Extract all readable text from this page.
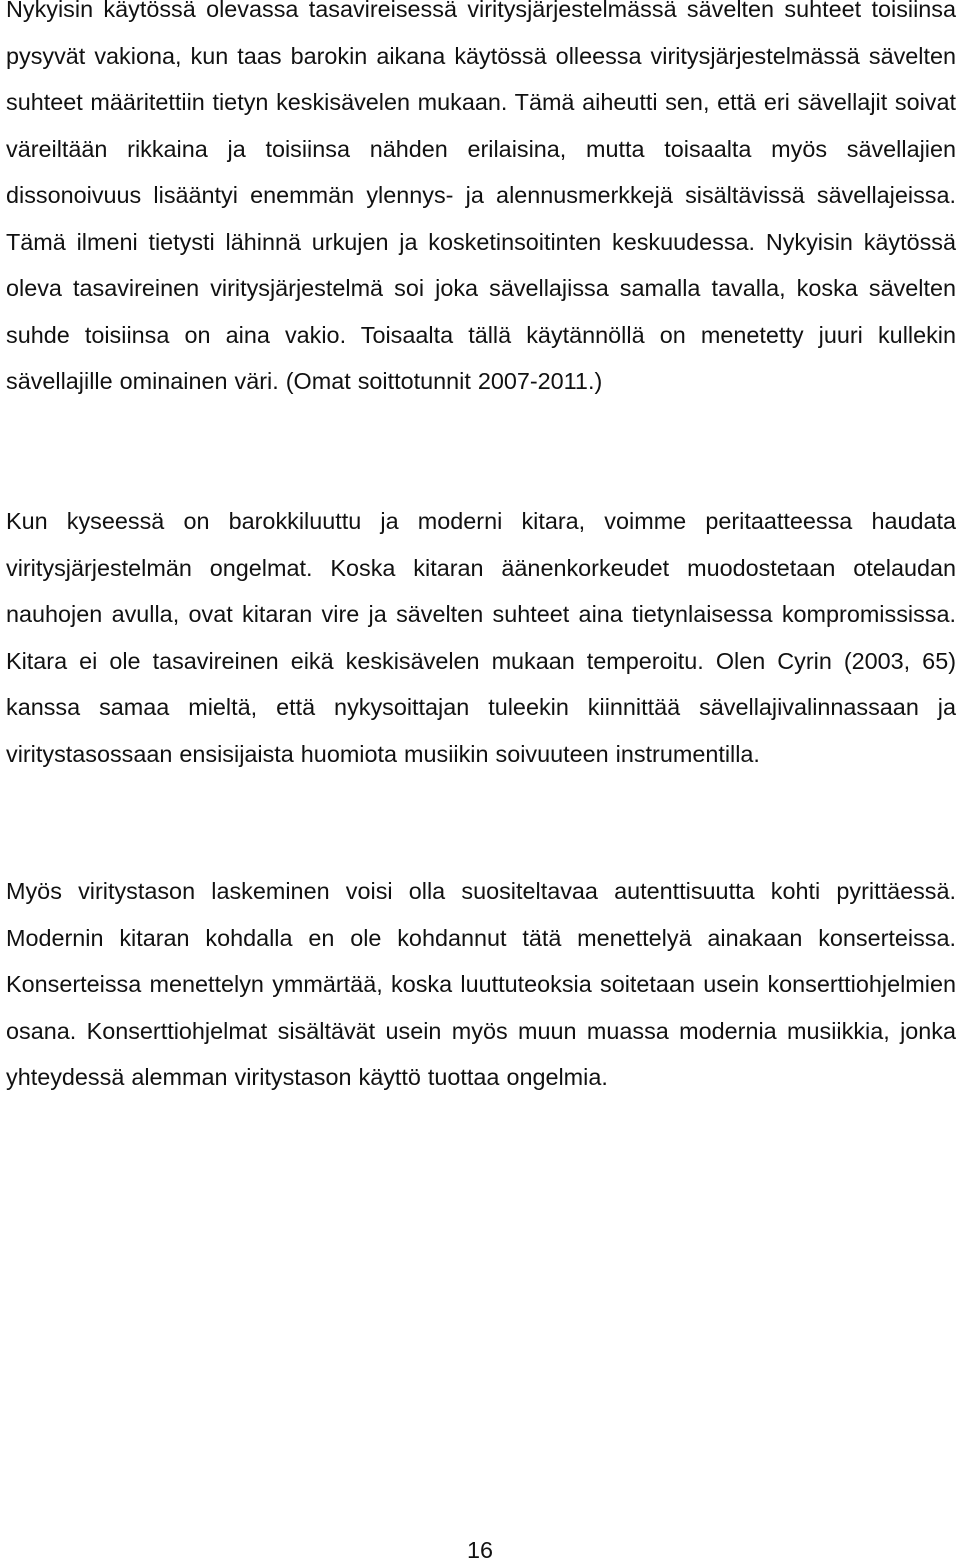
Nykyisin käytössä olevassa tasavireisessä viritysjärjestelmässä sävelten suhteet toisiinsa pysyvät vakiona, kun taas barokin aikana käytössä olleessa viritysjärjestelmässä sävelten suhteet määritettiin tietyn keskisävelen mukaan. Tämä aiheutti sen, että eri sävellajit soivat väreiltään rikkaina ja toisiinsa nähden erilaisina, mutta toisaalta myös sävellajien dissonoivuus lisääntyi enemmän ylennys- ja alennusmerkkejä sisältävissä sävellajeissa. Tämä ilmeni tietysti lähinnä urkujen ja kosketinsoitinten keskuudessa. Nykyisin käytössä oleva tasavireinen viritysjärjestelmä soi joka sävellajissa samalla tavalla, koska sävelten suhde toisiinsa on aina vakio. Toisaalta tällä käytännöllä on menetetty juuri kullekin sävellajille ominainen väri. (Omat soittotunnit 2007-2011.)

Kun kyseessä on barokkiluuttu ja moderni kitara, voimme peritaatteessa haudata viritysjärjestelmän ongelmat. Koska kitaran äänenkorkeudet muodostetaan otelaudan nauhojen avulla, ovat kitaran vire ja sävelten suhteet aina tietynlaisessa kompromississa. Kitara ei ole tasavireinen eikä keskisävelen mukaan temperoitu. Olen Cyrin (2003, 65) kanssa samaa mieltä, että nykysoittajan tuleekin kiinnittää sävellajivalinnassaan ja viritystasossaan ensisijaista huomiota musiikin soivuuteen instrumentilla.

Myös viritystason laskeminen voisi olla suositeltavaa autenttisuutta kohti pyrittäessä. Modernin kitaran kohdalla en ole kohdannut tätä menettelyä ainakaan konserteissa. Konserteissa menettelyn ymmärtää, koska luuttuteoksia soitetaan usein konserttiohjelmien osana. Konserttiohjelmat sisältävät usein myös muun muassa modernia musiikkia, jonka yhteydessä alemman viritystason käyttö tuottaa ongelmia.

16
